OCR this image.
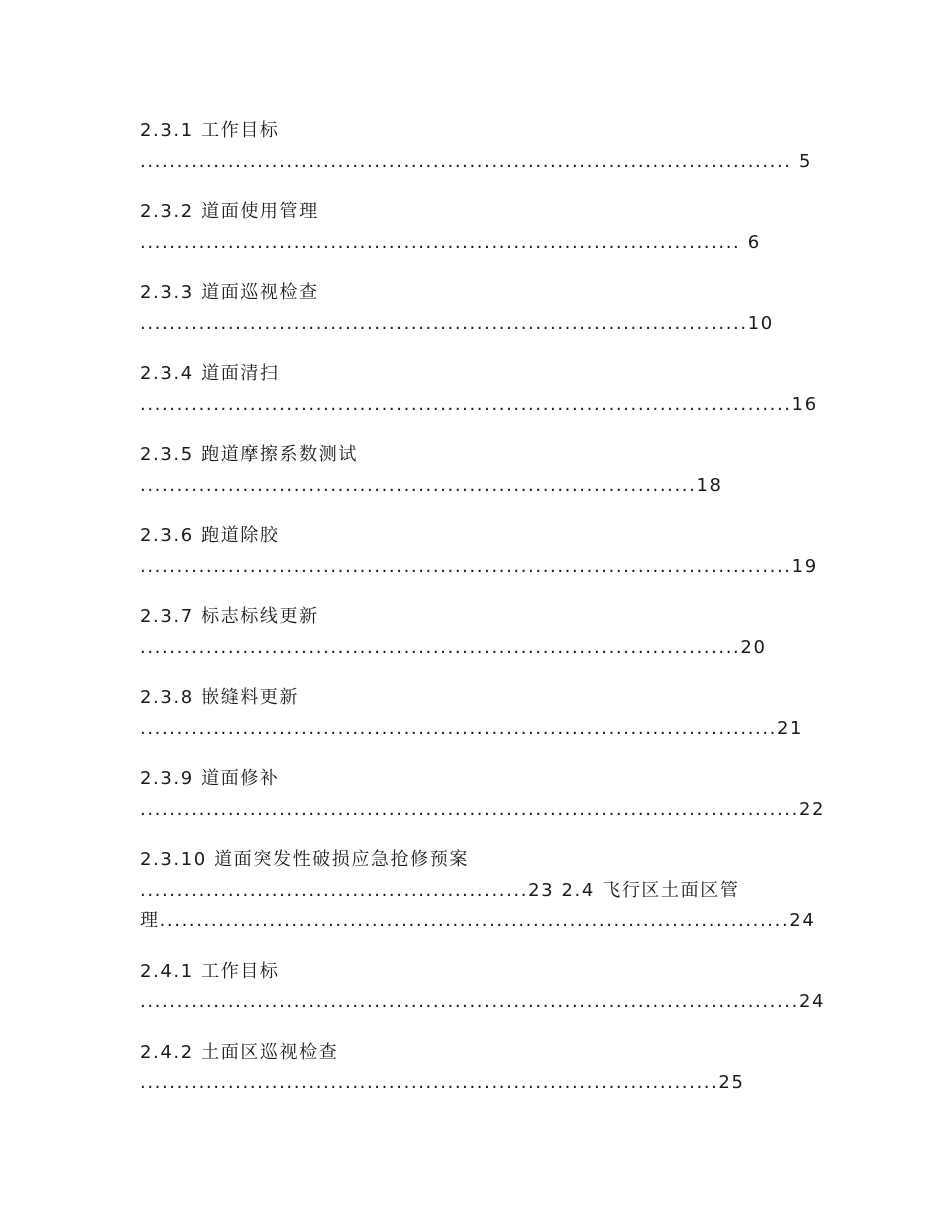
2.3.1 工作目标
......................................................................................... 5
2.3.2 道面使用管理
.................................................................................. 6
2.3.3 道面巡视检查
...................................................................................10
2.3.4 道面清扫
.........................................................................................16
2.3.5 跑道摩擦系数测试
............................................................................18
2.3.6 跑道除胶
.........................................................................................19
2.3.7 标志标线更新
..................................................................................20
2.3.8 嵌缝料更新
.......................................................................................21
2.3.9 道面修补
..........................................................................................22
2.3.10 道面突发性破损应急抢修预案
.....................................................23 2.4 飞行区土面区管
理......................................................................................24
2.4.1 工作目标
..........................................................................................24
2.4.2 土面区巡视检查
...............................................................................25
